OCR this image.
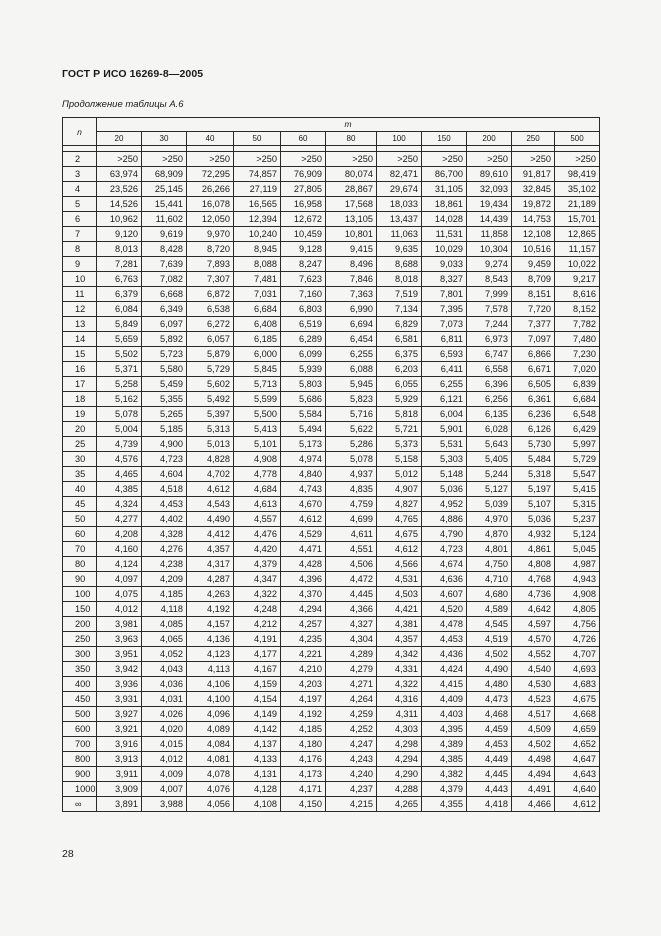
ГОСТ Р ИСО 16269-8—2005
Продолжение таблицы А.6
n	m										
	20	30	40	50	60	80	100	150	200	250	500

2	>250	>250	>250	>250	>250	>250	>250	>250	>250	>250	>250
3	63,974	68,909	72,295	74,857	76,909	80,074	82,471	86,700	89,610	91,817	98,419
4	23,526	25,145	26,266	27,119	27,805	28,867	29,674	31,105	32,093	32,845	35,102
5	14,526	15,441	16,078	16,565	16,958	17,568	18,033	18,861	19,434	19,872	21,189
6	10,962	11,602	12,050	12,394	12,672	13,105	13,437	14,028	14,439	14,753	15,701
7	9,120	9,619	9,970	10,240	10,459	10,801	11,063	11,531	11,858	12,108	12,865
8	8,013	8,428	8,720	8,945	9,128	9,415	9,635	10,029	10,304	10,516	11,157
9	7,281	7,639	7,893	8,088	8,247	8,496	8,688	9,033	9,274	9,459	10,022
10	6,763	7,082	7,307	7,481	7,623	7,846	8,018	8,327	8,543	8,709	9,217
11	6,379	6,668	6,872	7,031	7,160	7,363	7,519	7,801	7,999	8,151	8,616
12	6,084	6,349	6,538	6,684	6,803	6,990	7,134	7,395	7,578	7,720	8,152
13	5,849	6,097	6,272	6,408	6,519	6,694	6,829	7,073	7,244	7,377	7,782
14	5,659	5,892	6,057	6,185	6,289	6,454	6,581	6,811	6,973	7,097	7,480
15	5,502	5,723	5,879	6,000	6,099	6,255	6,375	6,593	6,747	6,866	7,230
16	5,371	5,580	5,729	5,845	5,939	6,088	6,203	6,411	6,558	6,671	7,020
17	5,258	5,459	5,602	5,713	5,803	5,945	6,055	6,255	6,396	6,505	6,839
18	5,162	5,355	5,492	5,599	5,686	5,823	5,929	6,121	6,256	6,361	6,684
19	5,078	5,265	5,397	5,500	5,584	5,716	5,818	6,004	6,135	6,236	6,548
20	5,004	5,185	5,313	5,413	5,494	5,622	5,721	5,901	6,028	6,126	6,429
25	4,739	4,900	5,013	5,101	5,173	5,286	5,373	5,531	5,643	5,730	5,997
30	4,576	4,723	4,828	4,908	4,974	5,078	5,158	5,303	5,405	5,484	5,729
35	4,465	4,604	4,702	4,778	4,840	4,937	5,012	5,148	5,244	5,318	5,547
40	4,385	4,518	4,612	4,684	4,743	4,835	4,907	5,036	5,127	5,197	5,415
45	4,324	4,453	4,543	4,613	4,670	4,759	4,827	4,952	5,039	5,107	5,315
50	4,277	4,402	4,490	4,557	4,612	4,699	4,765	4,886	4,970	5,036	5,237
60	4,208	4,328	4,412	4,476	4,529	4,611	4,675	4,790	4,870	4,932	5,124
70	4,160	4,276	4,357	4,420	4,471	4,551	4,612	4,723	4,801	4,861	5,045
80	4,124	4,238	4,317	4,379	4,428	4,506	4,566	4,674	4,750	4,808	4,987
90	4,097	4,209	4,287	4,347	4,396	4,472	4,531	4,636	4,710	4,768	4,943
100	4,075	4,185	4,263	4,322	4,370	4,445	4,503	4,607	4,680	4,736	4,908
150	4,012	4,118	4,192	4,248	4,294	4,366	4,421	4,520	4,589	4,642	4,805
200	3,981	4,085	4,157	4,212	4,257	4,327	4,381	4,478	4,545	4,597	4,756
250	3,963	4,065	4,136	4,191	4,235	4,304	4,357	4,453	4,519	4,570	4,726
300	3,951	4,052	4,123	4,177	4,221	4,289	4,342	4,436	4,502	4,552	4,707
350	3,942	4,043	4,113	4,167	4,210	4,279	4,331	4,424	4,490	4,540	4,693
400	3,936	4,036	4,106	4,159	4,203	4,271	4,322	4,415	4,480	4,530	4,683
450	3,931	4,031	4,100	4,154	4,197	4,264	4,316	4,409	4,473	4,523	4,675
500	3,927	4,026	4,096	4,149	4,192	4,259	4,311	4,403	4,468	4,517	4,668
600	3,921	4,020	4,089	4,142	4,185	4,252	4,303	4,395	4,459	4,509	4,659
700	3,916	4,015	4,084	4,137	4,180	4,247	4,298	4,389	4,453	4,502	4,652
800	3,913	4,012	4,081	4,133	4,176	4,243	4,294	4,385	4,449	4,498	4,647
900	3,911	4,009	4,078	4,131	4,173	4,240	4,290	4,382	4,445	4,494	4,643
1000	3,909	4,007	4,076	4,128	4,171	4,237	4,288	4,379	4,443	4,491	4,640
∞	3,891	3,988	4,056	4,108	4,150	4,215	4,265	4,355	4,418	4,466	4,612
28
